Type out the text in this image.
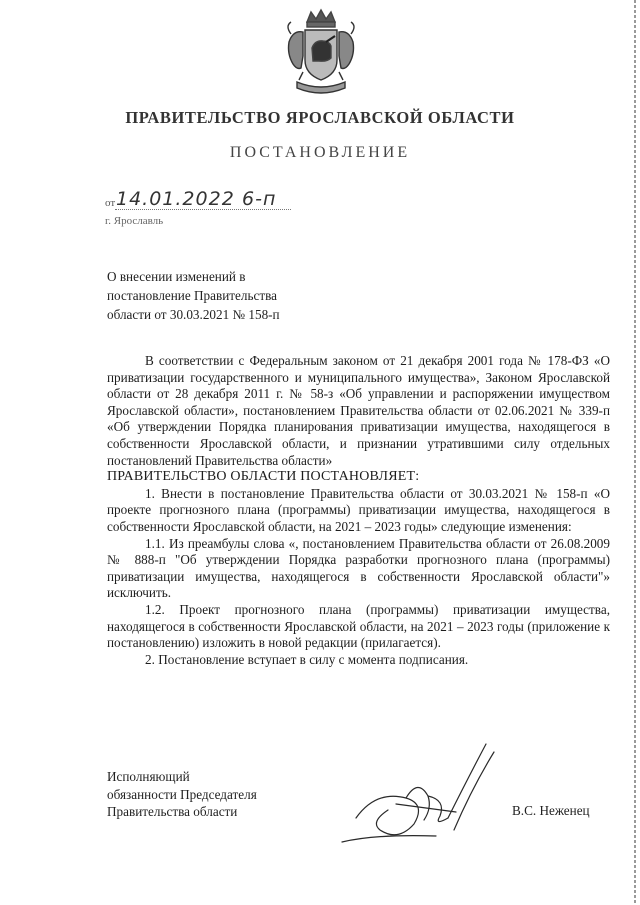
ПРАВИТЕЛЬСТВО ЯРОСЛАВСКОЙ ОБЛАСТИ
ПОСТАНОВЛЕНИЕ
от 14.01.2022 6-п
г. Ярославль
О внесении изменений в
постановление Правительства
области от 30.03.2021 № 158-п

В соответствии с Федеральным законом от 21 декабря 2001 года № 178-ФЗ «О приватизации государственного и муниципального имущества», Законом Ярославской области от 28 декабря 2011 г. № 58-з «Об управлении и распоряжении имуществом Ярославской области», постановлением Правительства области от 02.06.2021 № 339-п «Об утверждении Порядка планирования приватизации имущества, находящегося в собственности Ярославской области, и признании утратившими силу отдельных постановлений Правительства области»

ПРАВИТЕЛЬСТВО ОБЛАСТИ ПОСТАНОВЛЯЕТ:

1. Внести в постановление Правительства области от 30.03.2021 № 158-п «О проекте прогнозного плана (программы) приватизации имущества, находящегося в собственности Ярославской области, на 2021 – 2023 годы» следующие изменения:

1.1. Из преамбулы слова «, постановлением Правительства области от 26.08.2009 № 888-п "Об утверждении Порядка разработки прогнозного плана (программы) приватизации имущества, находящегося в собственности Ярославской области"» исключить.

1.2. Проект прогнозного плана (программы) приватизации имущества, находящегося в собственности Ярославской области, на 2021 – 2023 годы (приложение к постановлению) изложить в новой редакции (прилагается).

2. Постановление вступает в силу с момента подписания.

Исполняющий
обязанности Председателя
Правительства области	В.С. Неженец
